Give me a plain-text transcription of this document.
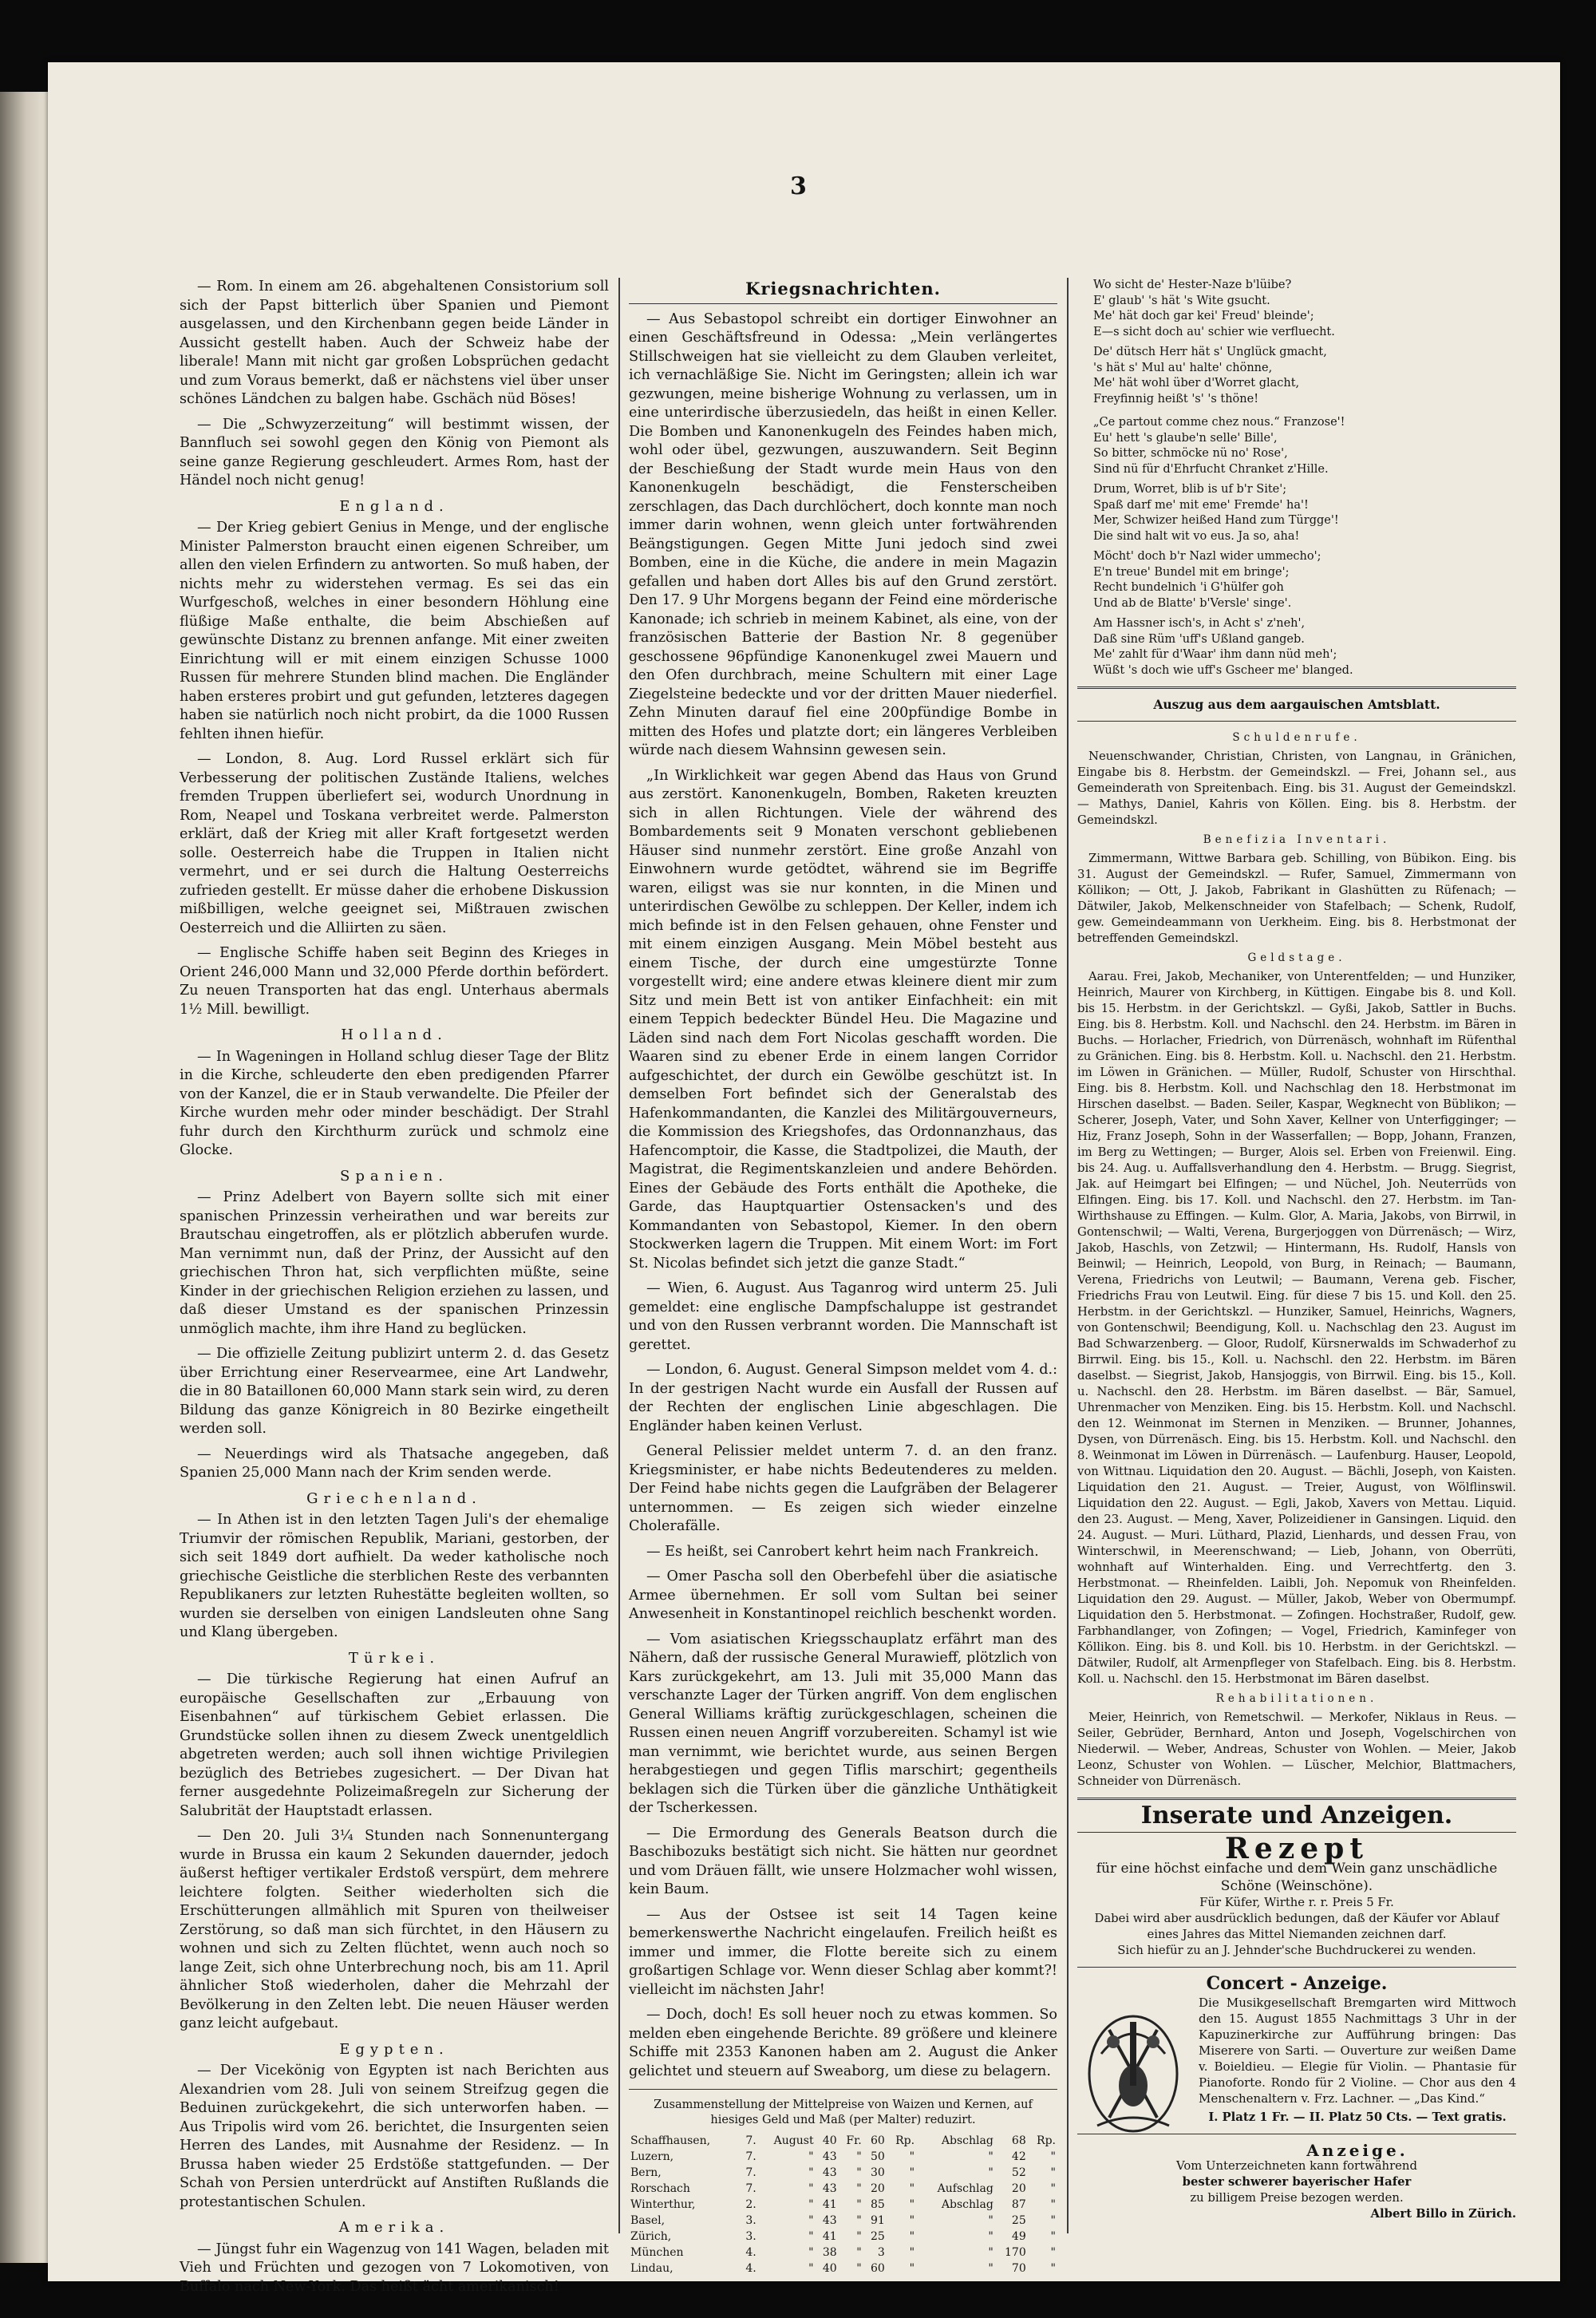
3

— Rom. In einem am 26. abgehaltenen Consistorium soll sich der Papst bitterlich über Spanien und Piemont ausgelassen, und den Kirchenbann gegen beide Länder in Aussicht gestellt haben. Auch der Schweiz habe der liberale! Mann mit nicht gar großen Lobsprüchen gedacht und zum Voraus bemerkt, daß er nächstens viel über unser schönes Ländchen zu balgen habe. Gschäch nüd Böses!

— Die „Schwyzerzeitung“ will bestimmt wissen, der Bannfluch sei sowohl gegen den König von Piemont als seine ganze Regierung geschleudert. Armes Rom, hast der Händel noch nicht genug!

England.

— Der Krieg gebiert Genius in Menge, und der englische Minister Palmerston braucht einen eigenen Schreiber, um allen den vielen Erfindern zu antworten. So muß haben, der nichts mehr zu widerstehen vermag. Es sei das ein Wurfgeschoß, welches in einer besondern Höhlung eine flüßige Maße enthalte, die beim Abschießen auf gewünschte Distanz zu brennen anfange. Mit einer zweiten Einrichtung will er mit einem einzigen Schusse 1000 Russen für mehrere Stunden blind machen. Die Engländer haben ersteres probirt und gut gefunden, letzteres dagegen haben sie natürlich noch nicht probirt, da die 1000 Russen fehlten ihnen hiefür.

— London, 8. Aug. Lord Russel erklärt sich für Verbesserung der politischen Zustände Italiens, welches fremden Truppen überliefert sei, wodurch Unordnung in Rom, Neapel und Toskana verbreitet werde. Palmerston erklärt, daß der Krieg mit aller Kraft fortgesetzt werden solle. Oesterreich habe die Truppen in Italien nicht vermehrt, und er sei durch die Haltung Oesterreichs zufrieden gestellt. Er müsse daher die erhobene Diskussion mißbilligen, welche geeignet sei, Mißtrauen zwischen Oesterreich und die Alliirten zu säen.

— Englische Schiffe haben seit Beginn des Krieges in Orient 246,000 Mann und 32,000 Pferde dorthin befördert. Zu neuen Transporten hat das engl. Unterhaus abermals 1½ Mill. bewilligt.

Holland.

— In Wageningen in Holland schlug dieser Tage der Blitz in die Kirche, schleuderte den eben predigenden Pfarrer von der Kanzel, die er in Staub verwandelte. Die Pfeiler der Kirche wurden mehr oder minder beschädigt. Der Strahl fuhr durch den Kirchthurm zurück und schmolz eine Glocke.

Spanien.

— Prinz Adelbert von Bayern sollte sich mit einer spanischen Prinzessin verheirathen und war bereits zur Brautschau eingetroffen, als er plötzlich abberufen wurde. Man vernimmt nun, daß der Prinz, der Aussicht auf den griechischen Thron hat, sich verpflichten müßte, seine Kinder in der griechischen Religion erziehen zu lassen, und daß dieser Umstand es der spanischen Prinzessin unmöglich machte, ihm ihre Hand zu beglücken.

— Die offizielle Zeitung publizirt unterm 2. d. das Gesetz über Errichtung einer Reservearmee, eine Art Landwehr, die in 80 Bataillonen 60,000 Mann stark sein wird, zu deren Bildung das ganze Königreich in 80 Bezirke eingetheilt werden soll.

— Neuerdings wird als Thatsache angegeben, daß Spanien 25,000 Mann nach der Krim senden werde.

Griechenland.

— In Athen ist in den letzten Tagen Juli's der ehemalige Triumvir der römischen Republik, Mariani, gestorben, der sich seit 1849 dort aufhielt. Da weder katholische noch griechische Geistliche die sterblichen Reste des verbannten Republikaners zur letzten Ruhestätte begleiten wollten, so wurden sie derselben von einigen Landsleuten ohne Sang und Klang übergeben.

Türkei.

— Die türkische Regierung hat einen Aufruf an europäische Gesellschaften zur „Erbauung von Eisenbahnen“ auf türkischem Gebiet erlassen. Die Grundstücke sollen ihnen zu diesem Zweck unentgeldlich abgetreten werden; auch soll ihnen wichtige Privilegien bezüglich des Betriebes zugesichert. — Der Divan hat ferner ausgedehnte Polizeimaßregeln zur Sicherung der Salubrität der Hauptstadt erlassen.

— Den 20. Juli 3¼ Stunden nach Sonnenuntergang wurde in Brussa ein kaum 2 Sekunden dauernder, jedoch äußerst heftiger vertikaler Erdstoß verspürt, dem mehrere leichtere folgten. Seither wiederholten sich die Erschütterungen allmählich mit Spuren von theilweiser Zerstörung, so daß man sich fürchtet, in den Häusern zu wohnen und sich zu Zelten flüchtet, wenn auch noch so lange Zeit, sich ohne Unterbrechung noch, bis am 11. April ähnlicher Stoß wiederholen, daher die Mehrzahl der Bevölkerung in den Zelten lebt. Die neuen Häuser werden ganz leicht aufgebaut.

Egypten.

— Der Vicekönig von Egypten ist nach Berichten aus Alexandrien vom 28. Juli von seinem Streifzug gegen die Beduinen zurückgekehrt, die sich unterworfen haben. — Aus Tripolis wird vom 26. berichtet, die Insurgenten seien Herren des Landes, mit Ausnahme der Residenz. — In Brussa haben wieder 25 Erdstöße stattgefunden. — Der Schah von Persien unterdrückt auf Anstiften Rußlands die protestantischen Schulen.

Amerika.

— Jüngst fuhr ein Wagenzug von 141 Wagen, beladen mit Vieh und Früchten und gezogen von 7 Lokomotiven, von Buffalo nach New-York. Das heißt ächt amerikanisch!

Kriegsnachrichten.

— Aus Sebastopol schreibt ein dortiger Einwohner an einen Geschäftsfreund in Odessa: „Mein verlängertes Stillschweigen hat sie vielleicht zu dem Glauben verleitet, ich vernachläßige Sie. Nicht im Geringsten; allein ich war gezwungen, meine bisherige Wohnung zu verlassen, um in eine unterirdische überzusiedeln, das heißt in einen Keller. Die Bomben und Kanonenkugeln des Feindes haben mich, wohl oder übel, gezwungen, auszuwandern. Seit Beginn der Beschießung der Stadt wurde mein Haus von den Kanonenkugeln beschädigt, die Fensterscheiben zerschlagen, das Dach durchlöchert, doch konnte man noch immer darin wohnen, wenn gleich unter fortwährenden Beängstigungen. Gegen Mitte Juni jedoch sind zwei Bomben, eine in die Küche, die andere in mein Magazin gefallen und haben dort Alles bis auf den Grund zerstört. Den 17. 9 Uhr Morgens begann der Feind eine mörderische Kanonade; ich schrieb in meinem Kabinet, als eine, von der französischen Batterie der Bastion Nr. 8 gegenüber geschossene 96pfündige Kanonenkugel zwei Mauern und den Ofen durchbrach, meine Schultern mit einer Lage Ziegelsteine bedeckte und vor der dritten Mauer niederfiel. Zehn Minuten darauf fiel eine 200pfündige Bombe in mitten des Hofes und platzte dort; ein längeres Verbleiben würde nach diesem Wahnsinn gewesen sein.

„In Wirklichkeit war gegen Abend das Haus von Grund aus zerstört. Kanonenkugeln, Bomben, Raketen kreuzten sich in allen Richtungen. Viele der während des Bombardements seit 9 Monaten verschont gebliebenen Häuser sind nunmehr zerstört. Eine große Anzahl von Einwohnern wurde getödtet, während sie im Begriffe waren, eiligst was sie nur konnten, in die Minen und unterirdischen Gewölbe zu schleppen. Der Keller, indem ich mich befinde ist in den Felsen gehauen, ohne Fenster und mit einem einzigen Ausgang. Mein Möbel besteht aus einem Tische, der durch eine umgestürzte Tonne vorgestellt wird; eine andere etwas kleinere dient mir zum Sitz und mein Bett ist von antiker Einfachheit: ein mit einem Teppich bedeckter Bündel Heu. Die Magazine und Läden sind nach dem Fort Nicolas geschafft worden. Die Waaren sind zu ebener Erde in einem langen Corridor aufgeschichtet, der durch ein Gewölbe geschützt ist. In demselben Fort befindet sich der Generalstab des Hafenkommandanten, die Kanzlei des Militärgouverneurs, die Kommission des Kriegshofes, das Ordonnanzhaus, das Hafencomptoir, die Kasse, die Stadtpolizei, die Mauth, der Magistrat, die Regimentskanzleien und andere Behörden. Eines der Gebäude des Forts enthält die Apotheke, die Garde, das Hauptquartier Ostensacken's und des Kommandanten von Sebastopol, Kiemer. In den obern Stockwerken lagern die Truppen. Mit einem Wort: im Fort St. Nicolas befindet sich jetzt die ganze Stadt.“

— Wien, 6. August. Aus Taganrog wird unterm 25. Juli gemeldet: eine englische Dampfschaluppe ist gestrandet und von den Russen verbrannt worden. Die Mannschaft ist gerettet.

— London, 6. August. General Simpson meldet vom 4. d.: In der gestrigen Nacht wurde ein Ausfall der Russen auf der Rechten der englischen Linie abgeschlagen. Die Engländer haben keinen Verlust.

General Pelissier meldet unterm 7. d. an den franz. Kriegsminister, er habe nichts Bedeutenderes zu melden. Der Feind habe nichts gegen die Laufgräben der Belagerer unternommen. — Es zeigen sich wieder einzelne Cholerafälle.

— Es heißt, sei Canrobert kehrt heim nach Frankreich.

— Omer Pascha soll den Oberbefehl über die asiatische Armee übernehmen. Er soll vom Sultan bei seiner Anwesenheit in Konstantinopel reichlich beschenkt worden.

— Vom asiatischen Kriegsschauplatz erfährt man des Nähern, daß der russische General Murawieff, plötzlich von Kars zurückgekehrt, am 13. Juli mit 35,000 Mann das verschanzte Lager der Türken angriff. Von dem englischen General Williams kräftig zurückgeschlagen, scheinen die Russen einen neuen Angriff vorzubereiten. Schamyl ist wie man vernimmt, wie berichtet wurde, aus seinen Bergen herabgestiegen und gegen Tiflis marschirt; gegentheils beklagen sich die Türken über die gänzliche Unthätigkeit der Tscherkessen.

— Die Ermordung des Generals Beatson durch die Baschibozuks bestätigt sich nicht. Sie hätten nur geordnet und vom Dräuen fällt, wie unsere Holzmacher wohl wissen, kein Baum.

— Aus der Ostsee ist seit 14 Tagen keine bemerkenswerthe Nachricht eingelaufen. Freilich heißt es immer und immer, die Flotte bereite sich zu einem großartigen Schlage vor. Wenn dieser Schlag aber kommt?! vielleicht im nächsten Jahr!

— Doch, doch! Es soll heuer noch zu etwas kommen. So melden eben eingehende Berichte. 89 größere und kleinere Schiffe mit 2353 Kanonen haben am 2. August die Anker gelichtet und steuern auf Sweaborg, um diese zu belagern.

Zusammenstellung der Mittelpreise von Waizen und Kernen, auf hiesiges Geld und Maß (per Malter) reduzirt.
Schaffhausen,	7.	August	40	Fr.	60	Rp.	Abschlag	68	Rp.
Luzern,	7.	"	43	"	50	"	"	42	"
Bern,	7.	"	43	"	30	"	"	52	"
Rorschach	7.	"	43	"	20	"	Aufschlag	20	"
Winterthur,	2.	"	41	"	85	"	Abschlag	87	"
Basel,	3.	"	43	"	91	"	"	25	"
Zürich,	3.	"	41	"	25	"	"	49	"
München	4.	"	38	"	3	"	"	170	"
Lindau,	4.	"	40	"	60	"	"	70	"
Wo sicht de' Hester-Naze b'lüibe?
E' glaub' 's hät 's Wite gsucht.
Me' hät doch gar kei' Freud' bleinde';
E—s sicht doch au' schier wie verfluecht.
De' dütsch Herr hät s' Unglück gmacht,
's hät s' Mul au' halte' chönne,
Me' hät wohl über d'Worret glacht,
Freyfinnig heißt 's' 's thöne!
„Ce partout comme chez nous.“ Franzose'!
Eu' hett 's glaube'n selle' Bille',
So bitter, schmöcke nü no' Rose',
Sind nü für d'Ehrfucht Chranket z'Hille.
Drum, Worret, blib is uf b'r Site';
Spaß darf me' mit eme' Fremde' ha'!
Mer, Schwizer heißed Hand zum Türgge'!
Die sind halt wit vo eus. Ja so, aha!
Möcht' doch b'r Nazl wider ummecho';
E'n treue' Bundel mit em bringe';
Recht bundelnich 'i G'hülfer goh
Und ab de Blatte' b'Versle' singe'.
Am Hassner isch's, in Acht s' z'neh',
Daß sine Rüm 'uff's Ußland gangeb.
Me' zahlt für d'Waar' ihm dann nüd meh';
Wüßt 's doch wie uff's Gscheer me' blanged.
Auszug aus dem aargauischen Amtsblatt.
Schuldenrufe.

Neuenschwander, Christian, Christen, von Langnau, in Gränichen, Eingabe bis 8. Herbstm. der Gemeindskzl. — Frei, Johann sel., aus Gemeinderath von Spreitenbach. Eing. bis 31. August der Gemeindskzl. — Mathys, Daniel, Kahris von Köllen. Eing. bis 8. Herbstm. der Gemeindskzl.

Benefizia Inventari.

Zimmermann, Wittwe Barbara geb. Schilling, von Bübikon. Eing. bis 31. August der Gemeindskzl. — Rufer, Samuel, Zimmermann von Köllikon; — Ott, J. Jakob, Fabrikant in Glashütten zu Rüfenach; — Dätwiler, Jakob, Melkenschneider von Stafelbach; — Schenk, Rudolf, gew. Gemeindeammann von Uerkheim. Eing. bis 8. Herbstmonat der betreffenden Gemeindskzl.

Geldstage.

Aarau. Frei, Jakob, Mechaniker, von Unterentfelden; — und Hunziker, Heinrich, Maurer von Kirchberg, in Küttigen. Eingabe bis 8. und Koll. bis 15. Herbstm. in der Gerichtskzl. — Gyßi, Jakob, Sattler in Buchs. Eing. bis 8. Herbstm. Koll. und Nachschl. den 24. Herbstm. im Bären in Buchs. — Horlacher, Friedrich, von Dürrenäsch, wohnhaft im Rüfenthal zu Gränichen. Eing. bis 8. Herbstm. Koll. u. Nachschl. den 21. Herbstm. im Löwen in Gränichen. — Müller, Rudolf, Schuster von Hirschthal. Eing. bis 8. Herbstm. Koll. und Nachschlag den 18. Herbstmonat im Hirschen daselbst. — Baden. Seiler, Kaspar, Wegknecht von Büblikon; — Scherer, Joseph, Vater, und Sohn Xaver, Kellner von Unterfigginger; — Hiz, Franz Joseph, Sohn in der Wasserfallen; — Bopp, Johann, Franzen, im Berg zu Wettingen; — Burger, Alois sel. Erben von Freienwil. Eing. bis 24. Aug. u. Auffallsverhandlung den 4. Herbstm. — Brugg. Siegrist, Jak. auf Heimgart bei Elfingen; — und Nüchel, Joh. Neuterrüds von Elfingen. Eing. bis 17. Koll. und Nachschl. den 27. Herbstm. im Tan-Wirthshause zu Effingen. — Kulm. Glor, A. Maria, Jakobs, von Birrwil, in Gontenschwil; — Walti, Verena, Burgerjoggen von Dürrenäsch; — Wirz, Jakob, Haschls, von Zetzwil; — Hintermann, Hs. Rudolf, Hansls von Beinwil; — Heinrich, Leopold, von Burg, in Reinach; — Baumann, Verena, Friedrichs von Leutwil; — Baumann, Verena geb. Fischer, Friedrichs Frau von Leutwil. Eing. für diese 7 bis 15. und Koll. den 25. Herbstm. in der Gerichtskzl. — Hunziker, Samuel, Heinrichs, Wagners, von Gontenschwil; Beendigung, Koll. u. Nachschlag den 23. August im Bad Schwarzenberg. — Gloor, Rudolf, Kürsnerwalds im Schwaderhof zu Birrwil. Eing. bis 15., Koll. u. Nachschl. den 22. Herbstm. im Bären daselbst. — Siegrist, Jakob, Hansjoggis, von Birrwil. Eing. bis 15., Koll. u. Nachschl. den 28. Herbstm. im Bären daselbst. — Bär, Samuel, Uhrenmacher von Menziken. Eing. bis 15. Herbstm. Koll. und Nachschl. den 12. Weinmonat im Sternen in Menziken. — Brunner, Johannes, Dysen, von Dürrenäsch. Eing. bis 15. Herbstm. Koll. und Nachschl. den 8. Weinmonat im Löwen in Dürrenäsch. — Laufenburg. Hauser, Leopold, von Wittnau. Liquidation den 20. August. — Bächli, Joseph, von Kaisten. Liquidation den 21. August. — Treier, August, von Wölflinswil. Liquidation den 22. August. — Egli, Jakob, Xavers von Mettau. Liquid. den 23. August. — Meng, Xaver, Polizeidiener in Gansingen. Liquid. den 24. August. — Muri. Lüthard, Plazid, Lienhards, und dessen Frau, von Winterschwil, in Meerenschwand; — Lieb, Johann, von Oberrüti, wohnhaft auf Winterhalden. Eing. und Verrechtfertg. den 3. Herbstmonat. — Rheinfelden. Laibli, Joh. Nepomuk von Rheinfelden. Liquidation den 29. August. — Müller, Jakob, Weber von Obermumpf. Liquidation den 5. Herbstmonat. — Zofingen. Hochstraßer, Rudolf, gew. Farbhandlanger, von Zofingen; — Vogel, Friedrich, Kaminfeger von Köllikon. Eing. bis 8. und Koll. bis 10. Herbstm. in der Gerichtskzl. — Dätwiler, Rudolf, alt Armenpfleger von Stafelbach. Eing. bis 8. Herbstm. Koll. u. Nachschl. den 15. Herbstmonat im Bären daselbst.

Rehabilitationen.

Meier, Heinrich, von Remetschwil. — Merkofer, Niklaus in Reus. — Seiler, Gebrüder, Bernhard, Anton und Joseph, Vogelschirchen von Niederwil. — Weber, Andreas, Schuster von Wohlen. — Meier, Jakob Leonz, Schuster von Wohlen. — Lüscher, Melchior, Blattmachers, Schneider von Dürrenäsch.

Inserate und Anzeigen.
Rezept
für eine höchst einfache und dem Wein ganz unschädliche Schöne (Weinschöne).
Für Küfer, Wirthe r. r. Preis 5 Fr.
Dabei wird aber ausdrücklich bedungen, daß der Käufer vor Ablauf eines Jahres das Mittel Niemanden zeichnen darf.
Sich hiefür zu an J. Jehnder'sche Buchdruckerei zu wenden.
Concert - Anzeige.

Die Musikgesellschaft Bremgarten wird Mittwoch den 15. August 1855 Nachmittags 3 Uhr in der Kapuzinerkirche zur Aufführung bringen: Das Miserere von Sarti. — Ouverture zur weißen Dame v. Boieldieu. — Elegie für Violin. — Phantasie für Pianoforte. Rondo für 2 Violine. — Chor aus den 4 Menschenaltern v. Frz. Lachner. — „Das Kind.“

I. Platz 1 Fr. — II. Platz 50 Cts. — Text gratis.
Anzeige.
Vom Unterzeichneten kann fortwährend
bester schwerer bayerischer Hafer
zu billigem Preise bezogen werden.
Albert Billo in Zürich.
